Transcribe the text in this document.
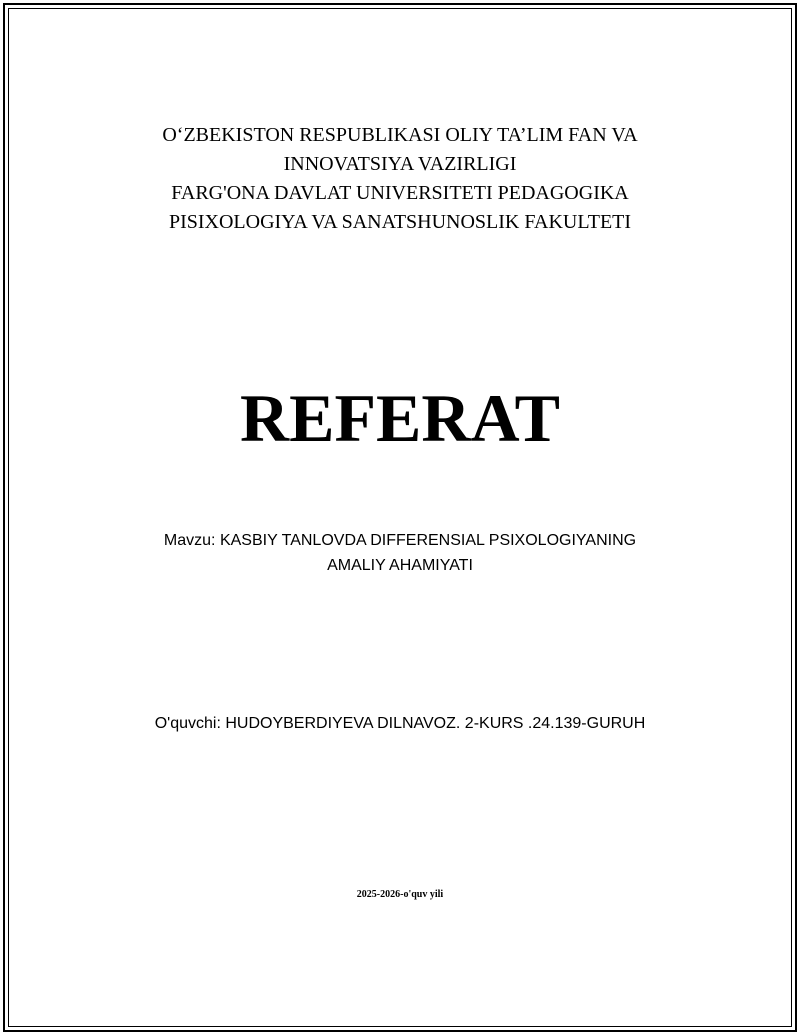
O‘ZBEKISTON RESPUBLIKASI OLIY TA’LIM FAN VA
INNOVATSIYA VAZIRLIGI
FARG'ONA DAVLAT UNIVERSITETI PEDAGOGIKA
PISIXOLOGIYA VA SANATSHUNOSLIK FAKULTETI
REFERAT
Mavzu: KASBIY TANLOVDA DIFFERENSIAL PSIXOLOGIYANING
AMALIY AHAMIYATI
O'quvchi: HUDOYBERDIYEVA DILNAVOZ. 2-KURS .24.139-GURUH
2025-2026-o'quv yili
